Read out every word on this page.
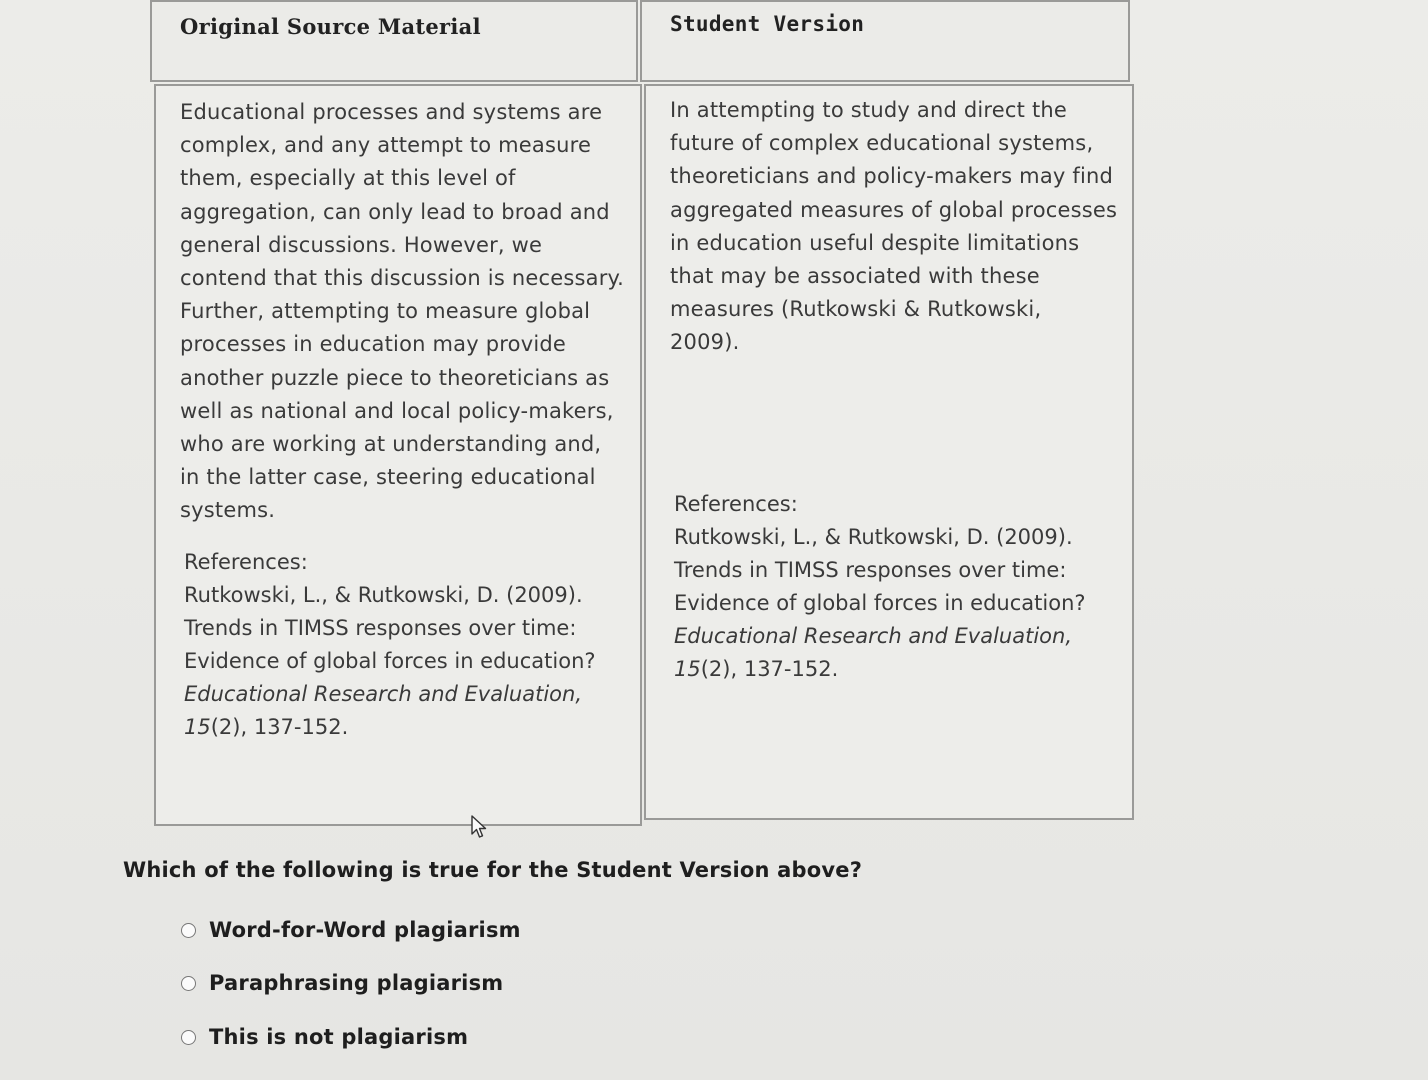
Original Source Material	Student Version
Educational processes and systems are
complex, and any attempt to measure
them, especially at this level of
aggregation, can only lead to broad and
general discussions. However, we
contend that this discussion is necessary.
Further, attempting to measure global
processes in education may provide
another puzzle piece to theoreticians as
well as national and local policy-makers,
who are working at understanding and,
in the latter case, steering educational
systems.
References:
Rutkowski, L., & Rutkowski, D. (2009).
Trends in TIMSS responses over time:
Evidence of global forces in education?
Educational Research and Evaluation,
15(2), 137-152.
In attempting to study and direct the
future of complex educational systems,
theoreticians and policy-makers may find
aggregated measures of global processes
in education useful despite limitations
that may be associated with these
measures (Rutkowski & Rutkowski,
2009).
References:
Rutkowski, L., & Rutkowski, D. (2009).
Trends in TIMSS responses over time:
Evidence of global forces in education?
Educational Research and Evaluation,
15(2), 137-152.
Which of the following is true for the Student Version above?
Word-for-Word plagiarism
Paraphrasing plagiarism
This is not plagiarism
